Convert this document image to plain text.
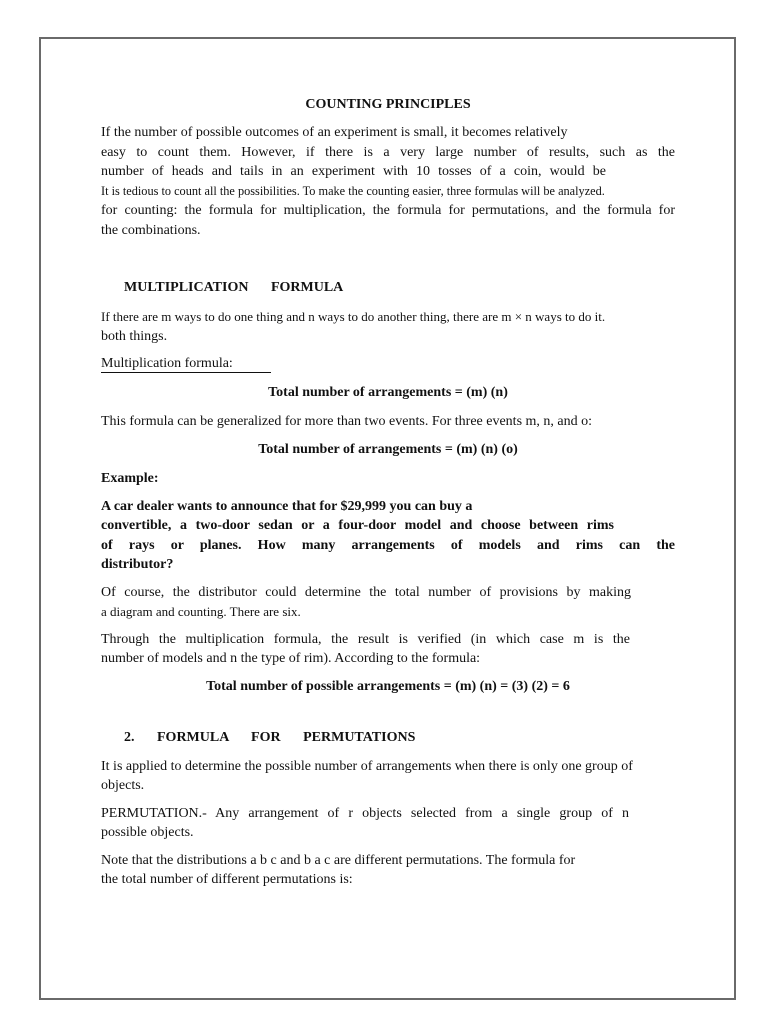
COUNTING PRINCIPLES

If the number of possible outcomes of an experiment is small, it becomes relatively

easy to count them. However, if there is a very large number of results, such as the

number of heads and tails in an experiment with 10 tosses of a coin, would be

It is tedious to count all the possibilities. To make the counting easier, three formulas will be analyzed.

for counting: the formula for multiplication, the formula for permutations, and the formula for

the combinations.

MULTIPLICATION   FORMULA

If there are m ways to do one thing and n ways to do another thing, there are m × n ways to do it.

both things.

Multiplication formula:

Total number of arrangements = (m) (n)

This formula can be generalized for more than two events. For three events m, n, and o:

Total number of arrangements = (m) (n) (o)

Example:

A car dealer wants to announce that for $29,999 you can buy a

convertible, a two-door sedan or a four-door model and choose between rims

of rays or planes. How many arrangements of models and rims can the

distributor?

Of course, the distributor could determine the total number of provisions by making

a diagram and counting. There are six.

Through the multiplication formula, the result is verified (in which case m is the

number of models and n the type of rim). According to the formula:

Total number of possible arrangements = (m) (n) = (3) (2) = 6

2.   FORMULA   FOR   PERMUTATIONS

It is applied to determine the possible number of arrangements when there is only one group of

objects.

PERMUTATION.- Any arrangement of r objects selected from a single group of n

possible objects.

Note that the distributions a b c and b a c are different permutations. The formula for

the total number of different permutations is:
